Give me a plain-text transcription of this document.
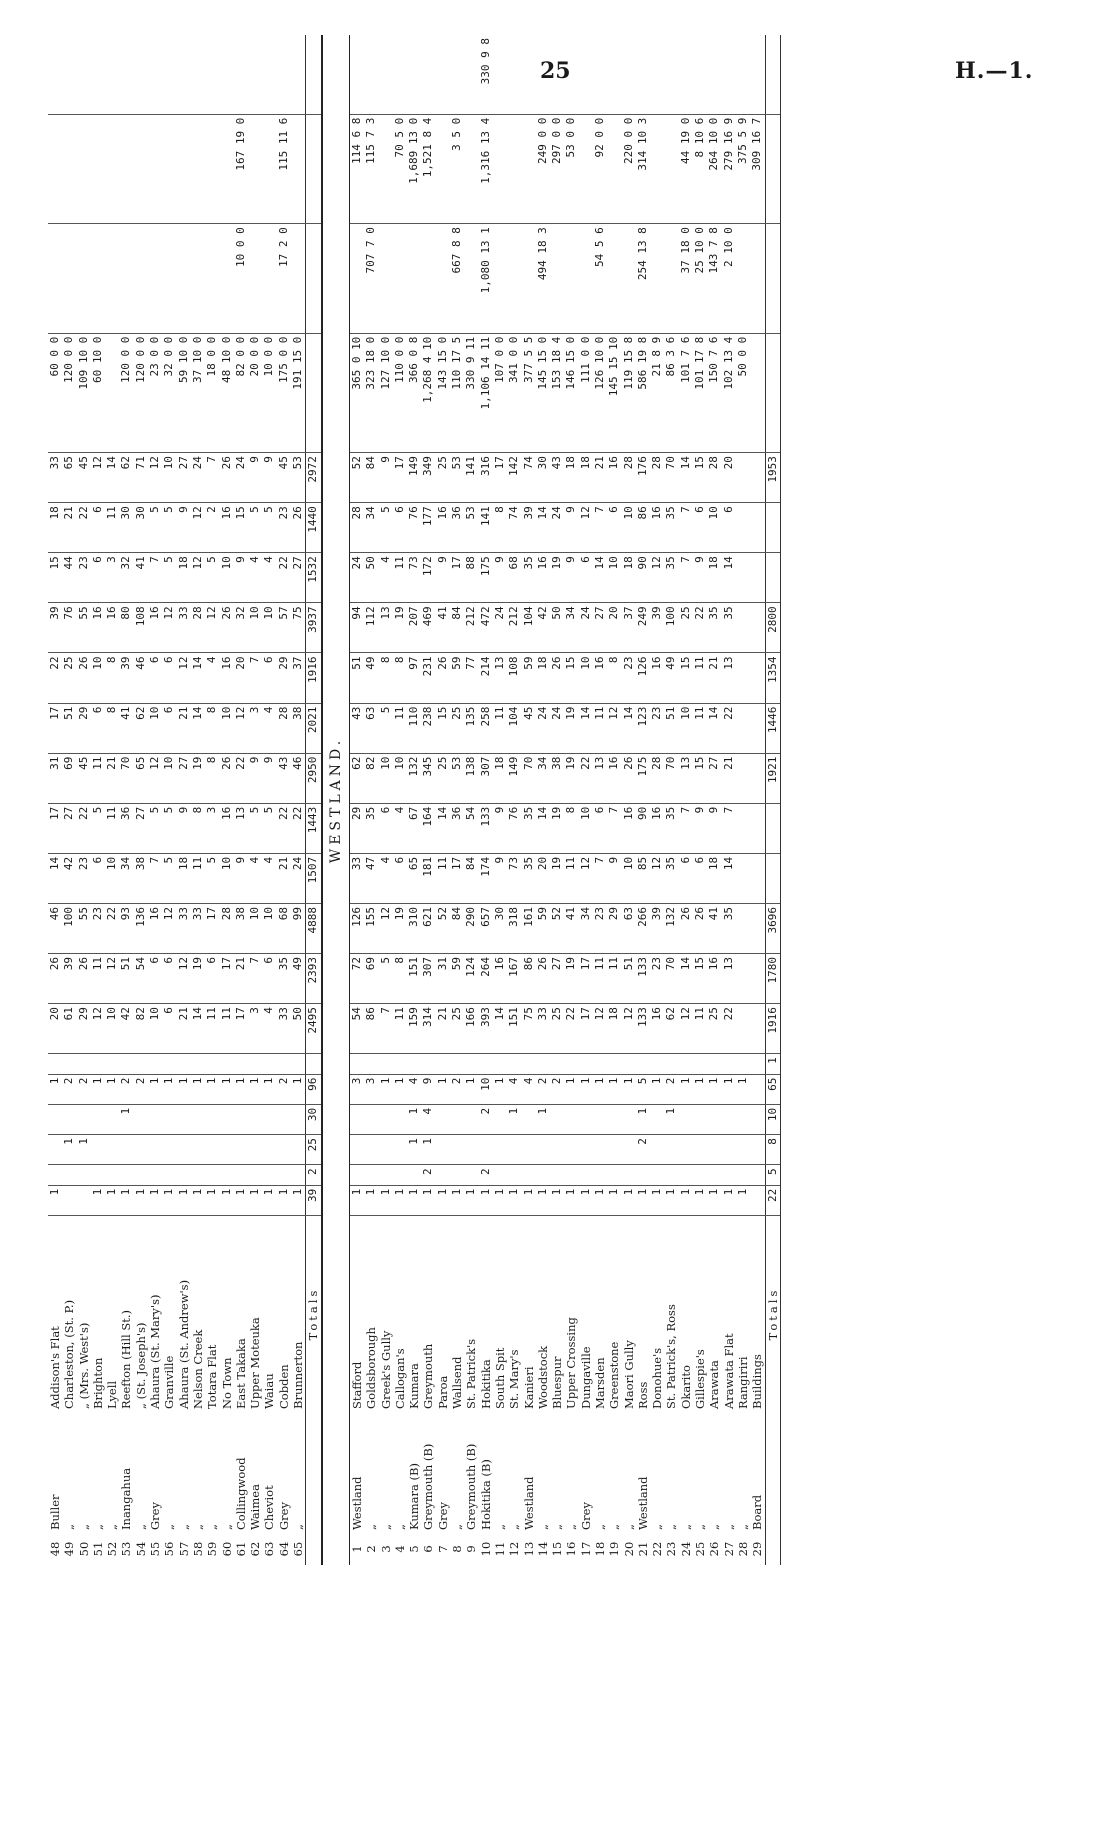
25	H.—1.
48	Buller	Addison's Flat	1				1		20	26	46	14	17	31	17	22	39	15	18	33	60 0 0			
49	„	Charleston, (St. P.)			1		2		61	39	100	42	27	69	51	25	76	44	21	65	120 0 0			
50	„	„ (Mrs. West's)			1		2		29	26	55	23	22	45	29	26	55	23	22	45	109 10 0			
51	„	Brighton	1				1		12	11	23	6	5	11	6	10	16	6	6	12	60 10 0			
52	„	Lyell	1				1		10	12	22	10	11	21	8	8	16	3	11	14				
53	Inangahua	Reefton (Hill St.)	1			1	2		42	51	93	34	36	70	41	39	80	32	30	62	120 0 0			
54	„	„ (St. Joseph's)	1				2		82	54	136	38	27	65	62	46	108	41	30	71	120 0 0			
55	Grey	Ahaura (St. Mary's)	1				1		10	6	16	7	5	12	10	6	16	7	5	12	23 0 0			
56	„	Granville	1				1		6	6	12	5	5	10	6	6	12	5	5	10	32 0 0			
57	„	Ahaura (St. Andrew's)	1				1		21	12	33	18	9	27	21	12	33	18	9	27	59 10 0			
58	„	Nelson Creek	1				1		14	19	33	11	8	19	14	14	28	12	12	24	37 10 0			
59	„	Totara Flat	1				1		11	6	17	5	3	8	8	4	12	5	2	7	18 0 0			
60	„	No Town	1				1		11	17	28	10	16	26	10	16	26	10	16	26	48 10 0			
61	Collingwood	East Takaka	1				1		17	21	38	9	13	22	12	20	32	9	15	24	82 0 0	10 0 0	167 19 0	
62	Waimea	Upper Moteuka	1				1		3	7	10	4	5	9	3	7	10	4	5	9	20 0 0			
63	Cheviot	Waiau	1				1		4	6	10	4	5	9	4	6	10	4	5	9	10 0 0			
64	Grey	Cobden	1				2		33	35	68	21	22	43	28	29	57	22	23	45	175 0 0	17 2 0	115 11 6	
65	„	Brunnerton	1				1		50	49	99	24	22	46	38	37	75	27	26	53	191 15 0			
		Totals	39	2	25	30	96		2495	2393	4888	1507	1443	2950	2021	1916	3937	1532	1440	2972				
WESTLAND.																								
1	Westland	Stafford	1				3		54	72	126	33	29	62	43	51	94	24	28	52	365 0 10		114 6 8	
2	„	Goldsborough	1				3		86	69	155	47	35	82	63	49	112	50	34	84	323 18 0	707 7 0	115 7 3	
3	„	Greek's Gully	1				1		7	5	12	4	6	10	5	8	13	4	5	9	127 10 0			
4	„	Callogan's	1				1		11	8	19	6	4	10	11	8	19	11	6	17	110 0 0		70 5 0	
5	Kumara (B)	Kumara	1		1	1	4		159	151	310	65	67	132	110	97	207	73	76	149	366 0 8		1,689 13 0	
6	Greymouth (B)	Greymouth	1	2	1	4	9		314	307	621	181	164	345	238	231	469	172	177	349	1,268 4 10		1,521 8 4	
7	Grey	Paroa	1				1		21	31	52	11	14	25	15	26	41	9	16	25	143 15 0			
8	„	Wallsend	1				2		25	59	84	17	36	53	25	59	84	17	36	53	110 17 5	667 8 8	3 5 0	
9	Greymouth (B)	St. Patrick's	1				1		166	124	290	84	54	138	135	77	212	88	53	141	330 9 11			
10	Hokitika (B)	Hokitika	1	2		2	10		393	264	657	174	133	307	258	214	472	175	141	316	1,106 14 11	1,080 13 1	1,316 13 4	330 9 8
11	„	South Spit	1				1		14	16	30	9	9	18	11	13	24	9	8	17	107 0 0			
12	„	St. Mary's	1			1	4		151	167	318	73	76	149	104	108	212	68	74	142	341 0 0			
13	Westland	Kanieri	1				4		75	86	161	35	35	70	45	59	104	35	39	74	377 5 5			
14	„	Woodstock	1			1	2		33	26	59	20	14	34	24	18	42	16	14	30	145 15 0	494 18 3	249 0 0	
15	„	Bluespur	1				2		25	27	52	19	19	38	24	26	50	19	24	43	153 18 4		297 0 0	
16	„	Upper Crossing	1				1		22	19	41	11	8	19	19	15	34	9	9	18	146 15 0		53 0 0	
17	Grey	Dungaville	1				1		17	17	34	12	10	22	14	10	24	6	12	18	111 0 0			
18	„	Marsden	1				1		12	11	23	7	6	13	11	16	27	14	7	21	126 10 0	54 5 6	92 0 0	
19	„	Greenstone	1				1		18	11	29	9	7	16	12	8	20	10	6	16	145 15 10			
20	„	Maori Gully	1				1		12	51	63	10	16	26	14	23	37	18	10	28	119 15 8		220 0 0	
21	Westland	Ross	1		2	1	5		133	133	266	85	90	175	123	126	249	90	86	176	586 19 8	254 13 8	314 10 3	
22	„	Donohue's	1				1		16	23	39	12	16	28	23	16	39	12	16	28	21 8 9			
23	„	St. Patrick's, Ross	1			1	2		62	70	132	35	35	70	51	49	100	35	35	70	86 3 6			
24	„	Okarito	1				1		12	14	26	6	7	13	10	15	25	7	7	14	101 7 6	37 18 0	44 19 0	
25	„	Gillespie's	1				1		11	15	26	6	9	15	11	11	22	9	6	15	101 17 8	25 10 0	8 10 6	
26	„	Arawata	1				1		25	16	41	18	9	27	14	21	35	18	10	28	150 7 6	143 7 8	264 10 0	
27	„	Arawata Flat	1				1		22	13	35	14	7	21	22	13	35	14	6	20	102 13 4	2 10 0	279 16 9	
28	„	Rangiriri	1				1														50 0 0		375 5 9	
29	Board	Buildings																					309 16 7	
		Totals	22	5	8	10	65	1	1916	1780	3696			1921	1446	1354	2800			1953				
